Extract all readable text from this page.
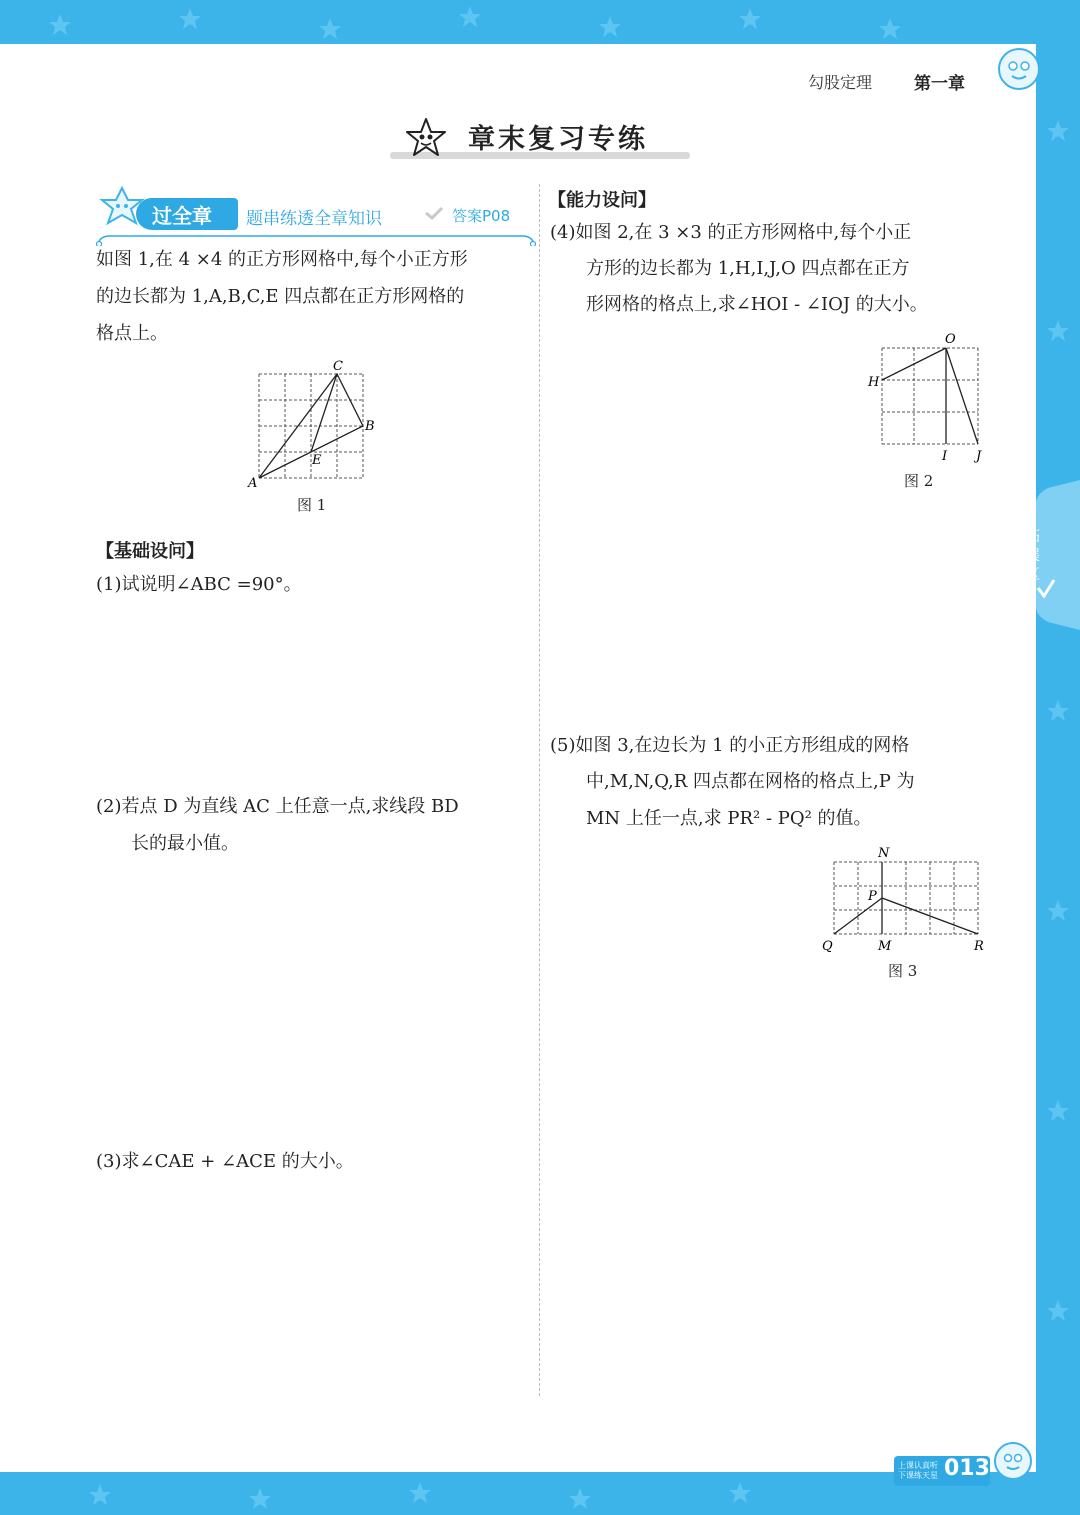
勾股定理 第一章
章末复习专练
过全章 题串练透全章知识	答案P08
如图 1,在 4 ×4 的正方形网格中,每个小正方形
的边长都为 1,A,B,C,E 四点都在正方形网格的
格点上。
C
B
E
A
图 1
【基础设问】
(1)试说明∠ABC =90°。
(2)若点 D 为直线 AC 上任意一点,求线段 BD
长的最小值。
(3)求∠CAE + ∠ACE 的大小。
【能力设问】
(4)如图 2,在 3 ×3 的正方形网格中,每个小正
方形的边长都为 1,H,I,J,O 四点都在正方
形网格的格点上,求∠HOI - ∠IOJ 的大小。
O
H
I J
图 2
(5)如图 3,在边长为 1 的小正方形组成的网格
中,M,N,Q,R 四点都在网格的格点上,P 为
MN 上任一点,求 PR² - PQ² 的值。
N
P
Q	M	R
图 3
拓展区
上课认真听
下课练天星 013
